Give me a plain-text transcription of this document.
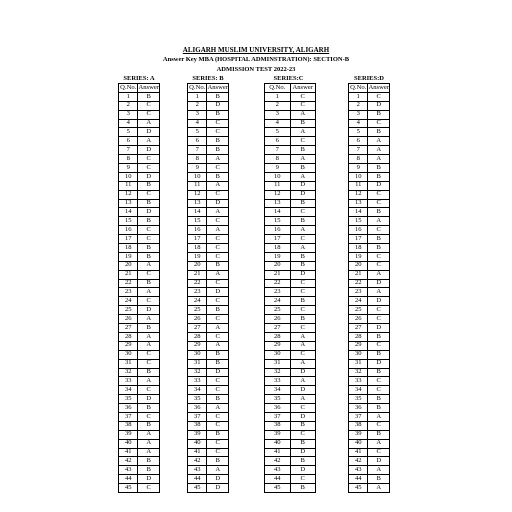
ALIGARH MUSLIM UNIVERSITY, ALIGARH
Answer Key MBA (HOSPITAL ADMINSTRATION): SECTION-B
ADMISSION TEST 2022-23
SERIES: A
Q.No.	Answer
1	B
2	C
3	C
4	A
5	D
6	A
7	D
8	C
9	C
10	D
11	B
12	C
13	B
14	D
15	B
16	C
17	C
18	B
19	B
20	A
21	C
22	B
23	A
24	C
25	D
26	A
27	B
28	A
29	A
30	C
31	C
32	B
33	A
34	C
35	D
36	B
37	C
38	B
39	A
40	A
41	A
42	B
43	B
44	D
45	C
SERIES: B
Q.No.	Answer
1	B
2	D
3	B
4	C
5	C
6	B
7	B
8	A
9	C
10	B
11	A
12	C
13	D
14	A
15	C
16	A
17	C
18	C
19	C
20	B
21	A
22	C
23	D
24	C
25	B
26	C
27	A
28	C
29	A
30	B
31	B
32	D
33	C
34	C
35	B
36	A
37	C
38	C
39	B
40	C
41	C
42	B
43	A
44	D
45	D
SERIES:C
Q.No.	Answer
1	C
2	C
3	A
4	B
5	A
6	C
7	B
8	A
9	B
10	A
11	D
12	D
13	B
14	C
15	B
16	A
17	C
18	A
19	B
20	B
21	D
22	C
23	C
24	B
25	C
26	B
27	C
28	A
29	A
30	C
31	A
32	D
33	A
34	D
35	A
36	C
37	D
38	B
39	C
40	B
41	D
42	B
43	D
44	C
45	B
SERIES:D
Q.No.	Answer
1	C
2	D
3	B
4	C
5	B
6	A
7	A
8	A
9	B
10	B
11	D
12	C
13	C
14	B
15	A
16	C
17	B
18	B
19	C
20	C
21	A
22	D
23	A
24	D
25	C
26	C
27	D
28	B
29	C
30	B
31	D
32	B
33	C
34	C
35	B
36	B
37	A
38	C
39	B
40	A
41	C
42	D
43	A
44	B
45	A
